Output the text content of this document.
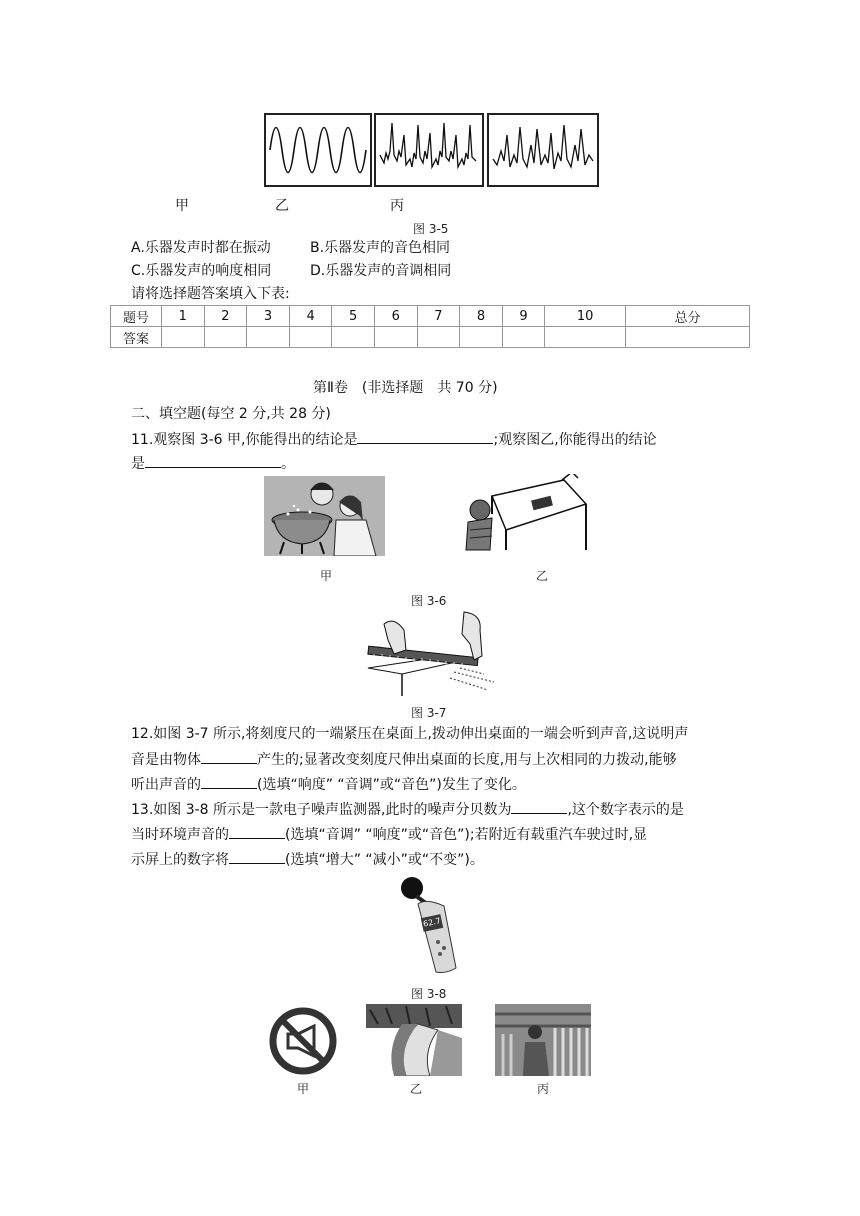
甲	乙	丙
图 3-5
A.乐器发声时都在振动	B.乐器发声的音色相同
C.乐器发声的响度相同	D.乐器发声的音调相同
请将选择题答案填入下表:
题号	1	2	3	4	5	6	7	8	9	10	总分
答案											
第Ⅱ卷　(非选择题　共 70 分)
二、填空题(每空 2 分,共 28 分)
11.观察图 3-6 甲,你能得出的结论是	;观察图乙,你能得出的结论
是	。
甲	乙
图 3-6
图 3-7
12.如图 3-7 所示,将刻度尺的一端紧压在桌面上,拨动伸出桌面的一端会听到声音,这说明声
音是由物体	产生的;显著改变刻度尺伸出桌面的长度,用与上次相同的力拨动,能够
听出声音的	(选填“响度” “音调”或“音色”)发生了变化。
13.如图 3-8 所示是一款电子噪声监测器,此时的噪声分贝数为	,这个数字表示的是
当时环境声音的	(选填“音调” “响度”或“音色”);若附近有载重汽车驶过时,显
示屏上的数字将	(选填“增大” “减小”或“不变”)。
62.7
图 3-8
甲	乙	丙
